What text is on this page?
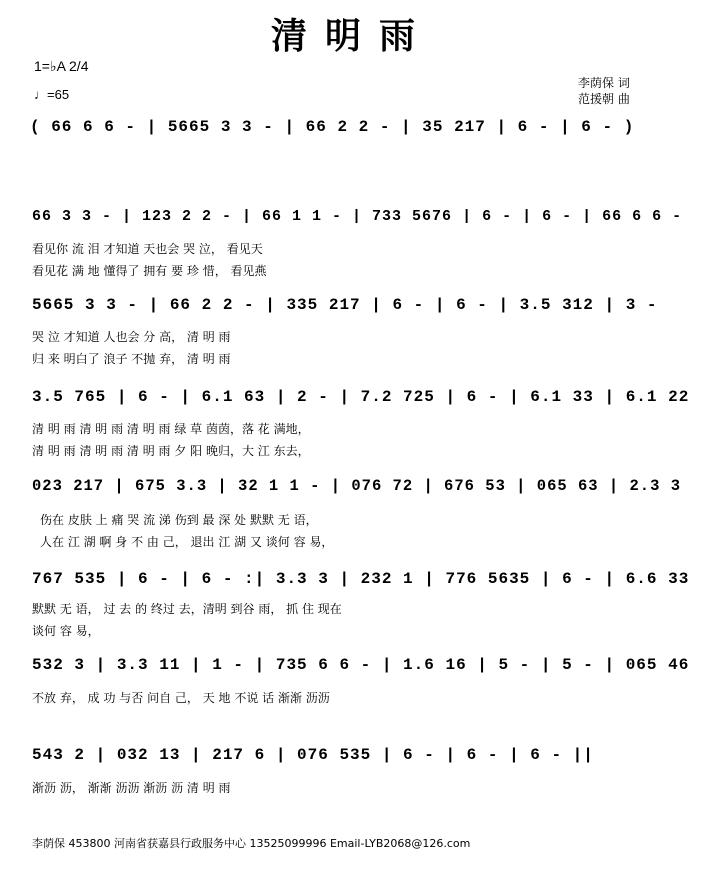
清明雨
1=♭A 2/4
♩=65
李荫保 词
范援朝 曲
( 66 6 6 - | 5665 3 3 - | 66 2 2 - | 35 217 | 6 - | 6 - )
66 3 3 - | 123 2 2 - | 66 1 1 - | 733 5676 | 6 - | 6 - | 66 6 6 -
看见你 流 泪 才知道 天也会 哭 泣， 看见天
看见花 满 地 懂得了 拥有 要 珍 惜， 看见燕
5665 3 3 - | 66 2 2 - | 335 217 | 6 - | 6 - | 3.5 312 | 3 -
哭 泣 才知道 人也会 分 高， 清 明 雨
归 来 明白了 浪子 不抛 弃， 清 明 雨
3.5 765 | 6 - | 6.1 63 | 2 - | 7.2 725 | 6 - | 6.1 33 | 6.1 22
清 明 雨 清 明 雨 清 明 雨 绿 草 茵茵，落 花 满地，
清 明 雨 清 明 雨 清 明 雨 夕 阳 晚归，大 江 东去，
023 217 | 675 3.3 | 32 1 1 - | 076 72 | 676 53 | 065 63 | 2.3 3
伤在 皮肤 上 痛 哭 流 涕 伤到 最 深 处 默默 无 语，
人在 江 湖 啊 身 不 由 己， 退出 江 湖 又 谈何 容 易，
767 535 | 6 - | 6 - :| 3.3 3 | 232 1 | 776 5635 | 6 - | 6.6 33
默默 无 语， 过 去 的 终过 去，清明 到谷 雨， 抓 住 现在
谈何 容 易，
532 3 | 3.3 11 | 1 - | 735 6 6 - | 1.6 16 | 5 - | 5 - | 065 46
不放 弃， 成 功 与否 问自 己， 天 地 不说 话 渐渐 沥沥
543 2 | 032 13 | 217 6 | 076 535 | 6 - | 6 - | 6 - ||
渐沥 沥， 渐渐 沥沥 渐沥 沥 清 明 雨
李荫保 453800 河南省获嘉县行政服务中心 13525099996 Email-LYB2068@126.com
